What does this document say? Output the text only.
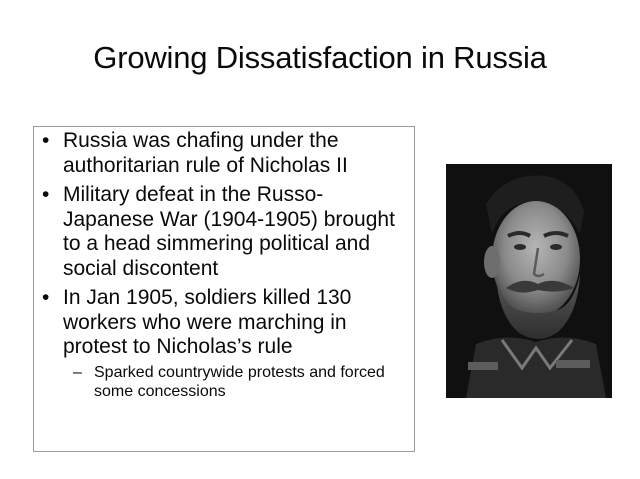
Growing Dissatisfaction in Russia
• Russia was chafing under the authoritarian rule of Nicholas II
• Military defeat in the Russo-Japanese War (1904-1905) brought to a head simmering political and social discontent
• In Jan 1905, soldiers killed 130 workers who were marching in protest to Nicholas’s rule
– Sparked countrywide protests and forced some concessions
